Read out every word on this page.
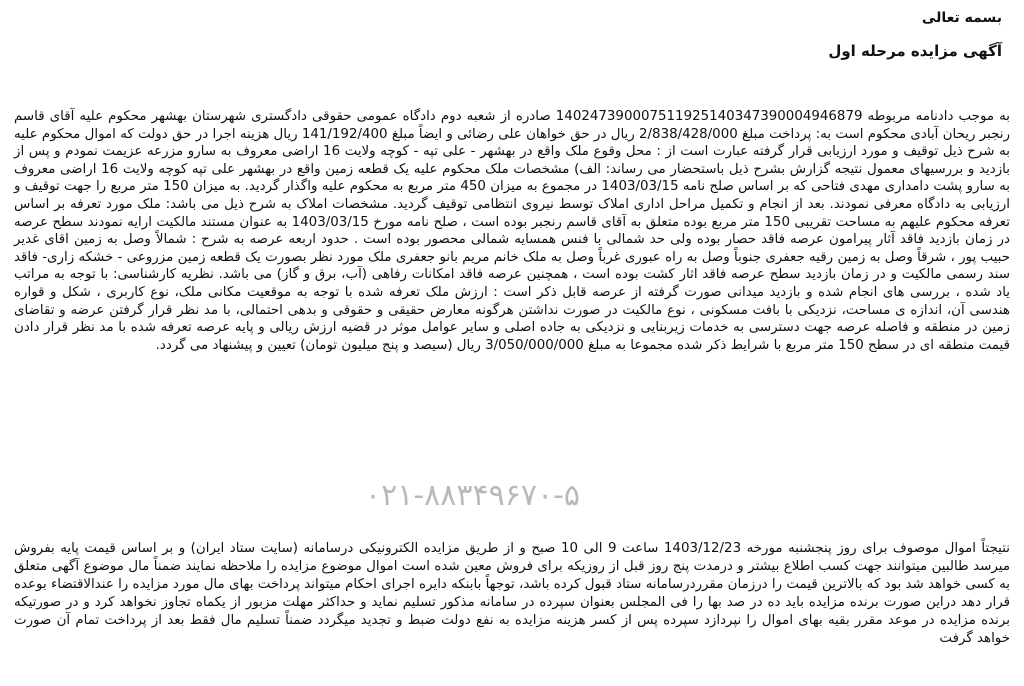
بسمه تعالی
آگهی مزایده مرحله اول
به موجب دادنامه مربوطه 140247390007511925140347390004946879 صادره از شعبه دوم دادگاه عمومی حقوقی دادگستری شهرستان بهشهر محکوم علیه آقای قاسم رنجبر ریحان آبادی محکوم است به: پرداخت مبلغ 2/838/428/000 ریال در حق خواهان علی رضائی و ایضاً مبلغ 141/192/400 ریال هزینه اجرا در حق دولت که اموال محکوم علیه به شرح ذیل توقیف و مورد ارزیابی قرار گرفته عبارت است از : محل وقوع ملک واقع در بهشهر - علی تپه - کوچه ولایت 16 اراضی معروف به سارو مزرعه عزیمت نمودم و پس از بازدید و بررسیهای معمول نتیجه گزارش بشرح ذیل باستحضار می رساند: الف) مشخصات ملک محکوم علیه یک قطعه زمین واقع در بهشهر علی تپه کوچه ولایت 16 اراضی معروف به سارو پشت دامداری مهدی فتاحی که بر اساس صلح نامه 1403/03/15 در مجموع به میزان 450 متر مربع به محکوم علیه واگذار گردید. به میزان 150 متر مربع را جهت توقیف و ارزیابی به دادگاه معرفی نمودند. بعد از انجام و تکمیل مراحل اداری املاک توسط نیروی انتظامی توقیف گردید. مشخصات املاک به شرح ذیل می باشد: ملک مورد تعرفه بر اساس تعرفه محکوم علیهم به مساحت تقریبی 150 متر مربع بوده متعلق به آقای قاسم رنجبر بوده است ، صلح نامه مورخ 1403/03/15 به عنوان مستند مالکیت ارایه نمودند سطح عرصه در زمان بازدید فاقد آثار پیرامون عرصه فاقد حصار بوده ولی حد شمالی با فنس همسایه شمالی محصور بوده است . حدود اربعه عرصه به شرح : شمالاً وصل به زمین اقای غدیر حبیب پور ، شرقاً وصل به زمین رقیه جعفری جنوباً وصل به راه عبوری غرباً وصل به ملک خانم مریم بانو جعفری ملک مورد نظر بصورت یک قطعه زمین مزروعی - خشکه زاری- فاقد سند رسمی مالکیت و در زمان بازدید سطح عرصه فاقد اثار کشت بوده است ، همچنین عرصه فاقد امکانات رفاهی (آب، برق و گاز) می باشد. نظریه کارشناسی: با توجه به مراتب یاد شده ، بررسی های انجام شده و بازدید میدانی صورت گرفته از عرصه قابل ذکر است : ارزش ملک تعرفه شده با توجه به موقعیت مکانی ملک، نوع کاربری ، شکل و قواره هندسی آن، اندازه ی مساحت، نزدیکی با بافت مسکونی ، نوع مالکیت در صورت نداشتن هرگونه معارض حقیقی و حقوقی و بدهی احتمالی، با مد نظر قرار گرفتن عرضه و تقاضای زمین در منطقه و فاصله عرصه جهت دسترسی به خدمات زیربنایی و نزدیکی به جاده اصلی و سایر عوامل موثر در قضیه ارزش ریالی و پایه عرصه تعرفه شده با مد نظر قرار دادن قیمت منطقه ای در سطح 150 متر مربع با شرایط ذکر شده مجموعا به مبلغ 3/050/000/000 ریال (سیصد و پنج میلیون تومان) تعیین و پیشنهاد می گردد.
۰۲۱-۸۸۳۴۹۶۷۰-۵
نتیجتاً اموال موصوف برای روز پنجشنبه مورخه 1403/12/23 ساعت 9 الی 10 صبح و از طریق مزایده الکترونیکی درسامانه (سایت ستاد ایران) و بر اساس قیمت پایه بفروش میرسد طالبین میتوانند جهت کسب اطلاع بیشتر و درمدت پنج روز قبل از روزیکه برای فروش معین شده است اموال موضوع مزایده را ملاحظه نمایند ضمناً مال موضوع آگهی متعلق به کسی خواهد شد بود که بالاترین قیمت را درزمان مقرردرسامانه ستاد قبول کرده باشد، توجهاً بابنکه دایره اجرای احکام میتواند پرداخت بهای مال مورد مزایده را عندالاقتضاء بوعده قرار دهد دراین صورت برنده مزایده باید ده در صد بها را فی المجلس بعنوان سپرده در سامانه مذکور تسلیم نماید و حداکثر مهلت مزبور از یکماه تجاوز نخواهد کرد و در صورتیکه برنده مزایده در موعد مقرر بقیه بهای اموال را نپردازد سپرده پس از کسر هزینه مزایده به نفع دولت ضبط و تجدید میگردد ضمناً تسلیم مال فقط بعد از پرداخت تمام آن صورت خواهد گرفت
